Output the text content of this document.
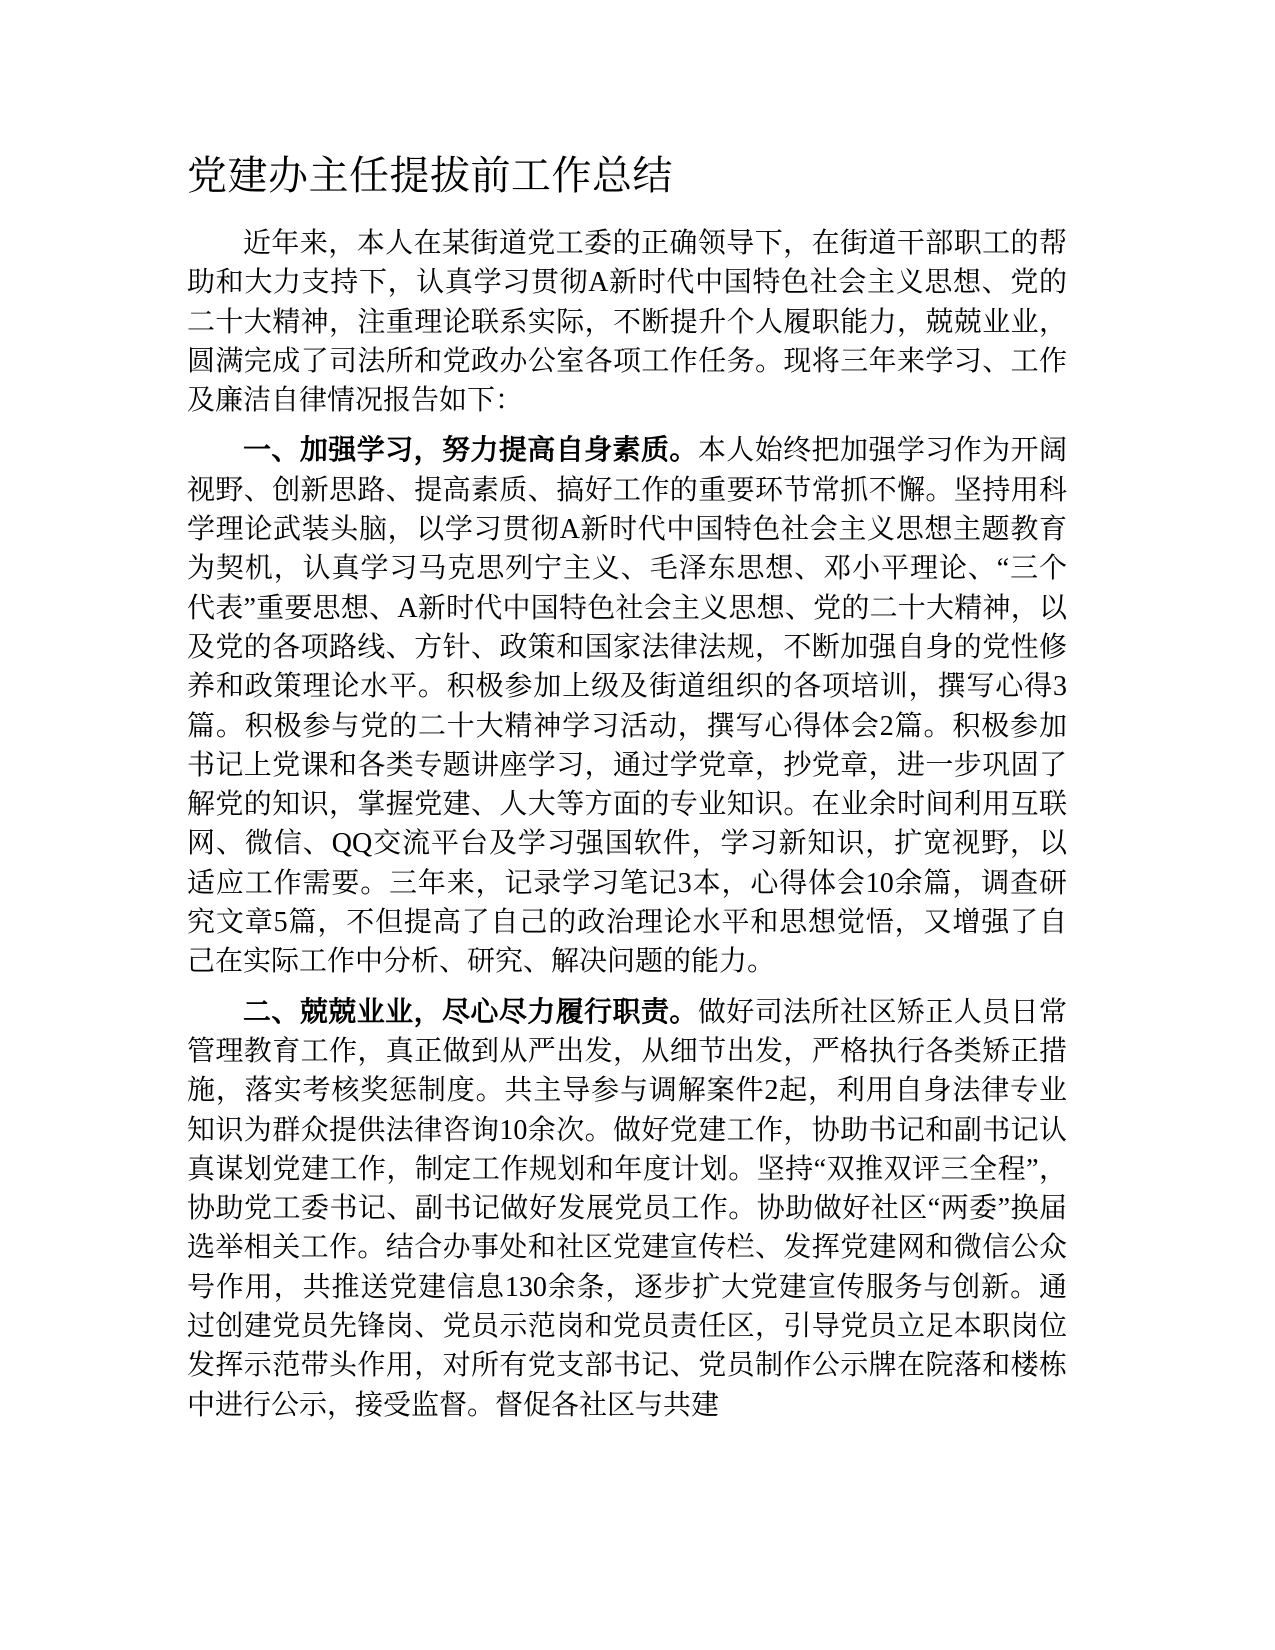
党建办主任提拔前工作总结

近年来，本人在某街道党工委的正确领导下，在街道干部职工的帮助和大力支持下，认真学习贯彻A新时代中国特色社会主义思想、党的二十大精神，注重理论联系实际，不断提升个人履职能力，兢兢业业，圆满完成了司法所和党政办公室各项工作任务。现将三年来学习、工作及廉洁自律情况报告如下：

一、加强学习，努力提高自身素质。本人始终把加强学习作为开阔视野、创新思路、提高素质、搞好工作的重要环节常抓不懈。坚持用科学理论武装头脑，以学习贯彻A新时代中国特色社会主义思想主题教育为契机，认真学习马克思列宁主义、毛泽东思想、邓小平理论、“三个代表”重要思想、A新时代中国特色社会主义思想、党的二十大精神，以及党的各项路线、方针、政策和国家法律法规，不断加强自身的党性修养和政策理论水平。积极参加上级及街道组织的各项培训，撰写心得3篇。积极参与党的二十大精神学习活动，撰写心得体会2篇。积极参加书记上党课和各类专题讲座学习，通过学党章，抄党章，进一步巩固了解党的知识，掌握党建、人大等方面的专业知识。在业余时间利用互联网、微信、QQ交流平台及学习强国软件，学习新知识，扩宽视野，以适应工作需要。三年来，记录学习笔记3本，心得体会10余篇，调查研究文章5篇，不但提高了自己的政治理论水平和思想觉悟，又增强了自己在实际工作中分析、研究、解决问题的能力。

二、兢兢业业，尽心尽力履行职责。做好司法所社区矫正人员日常管理教育工作，真正做到从严出发，从细节出发，严格执行各类矫正措施，落实考核奖惩制度。共主导参与调解案件2起，利用自身法律专业知识为群众提供法律咨询10余次。做好党建工作，协助书记和副书记认真谋划党建工作，制定工作规划和年度计划。坚持“双推双评三全程”，协助党工委书记、副书记做好发展党员工作。协助做好社区“两委”换届选举相关工作。结合办事处和社区党建宣传栏、发挥党建网和微信公众号作用，共推送党建信息130余条，逐步扩大党建宣传服务与创新。通过创建党员先锋岗、党员示范岗和党员责任区，引导党员立足本职岗位发挥示范带头作用，对所有党支部书记、党员制作公示牌在院落和楼栋中进行公示，接受监督。督促各社区与共建
